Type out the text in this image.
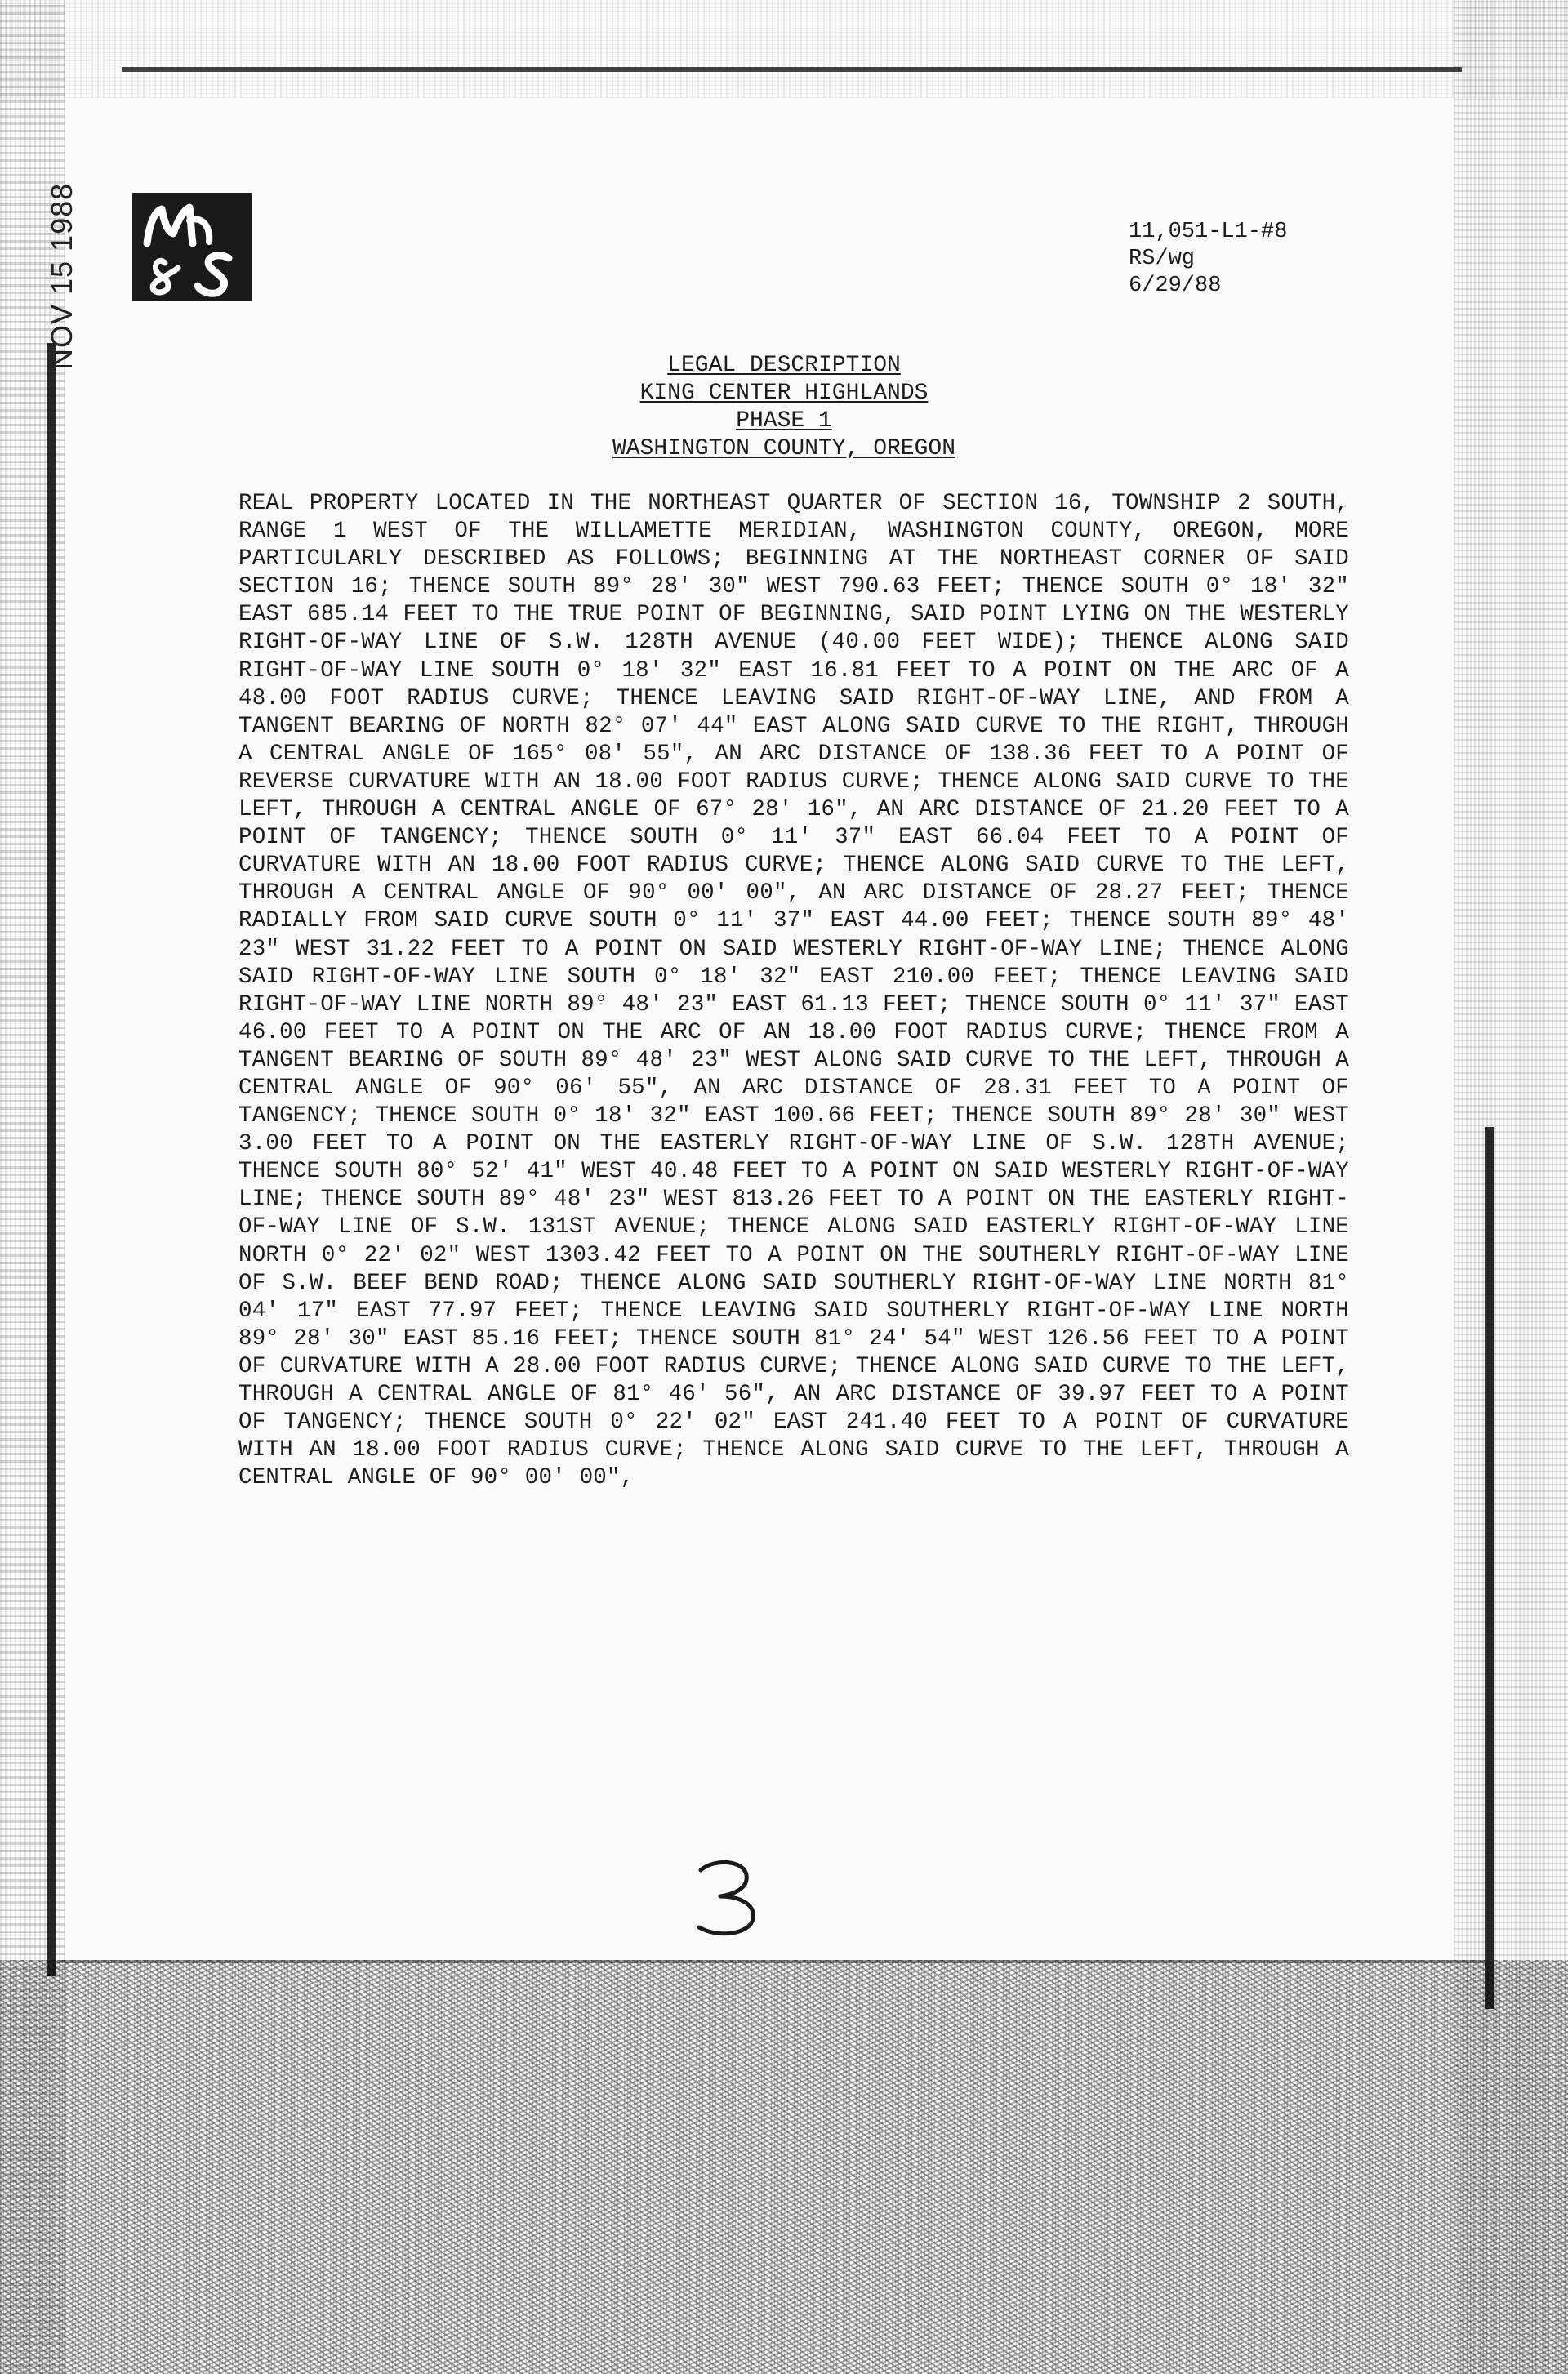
NOV 15 1988	11,051-L1-#8
RS/wg
6/29/88
LEGAL DESCRIPTION
KING CENTER HIGHLANDS
PHASE 1
WASHINGTON COUNTY, OREGON
REAL PROPERTY LOCATED IN THE NORTHEAST QUARTER OF SECTION 16, TOWNSHIP 2 SOUTH, RANGE 1 WEST OF THE WILLAMETTE MERIDIAN, WASHINGTON COUNTY, OREGON, MORE PARTICULARLY DESCRIBED AS FOLLOWS; BEGINNING AT THE NORTHEAST CORNER OF SAID SECTION 16; THENCE SOUTH 89° 28' 30" WEST 790.63 FEET; THENCE SOUTH 0° 18' 32" EAST 685.14 FEET TO THE TRUE POINT OF BEGINNING, SAID POINT LYING ON THE WESTERLY RIGHT-OF-WAY LINE OF S.W. 128TH AVENUE (40.00 FEET WIDE); THENCE ALONG SAID RIGHT-OF-WAY LINE SOUTH 0° 18' 32" EAST 16.81 FEET TO A POINT ON THE ARC OF A 48.00 FOOT RADIUS CURVE; THENCE LEAVING SAID RIGHT-OF-WAY LINE, AND FROM A TANGENT BEARING OF NORTH 82° 07' 44" EAST ALONG SAID CURVE TO THE RIGHT, THROUGH A CENTRAL ANGLE OF 165° 08' 55", AN ARC DISTANCE OF 138.36 FEET TO A POINT OF REVERSE CURVATURE WITH AN 18.00 FOOT RADIUS CURVE; THENCE ALONG SAID CURVE TO THE LEFT, THROUGH A CENTRAL ANGLE OF 67° 28' 16", AN ARC DISTANCE OF 21.20 FEET TO A POINT OF TANGENCY; THENCE SOUTH 0° 11' 37" EAST 66.04 FEET TO A POINT OF CURVATURE WITH AN 18.00 FOOT RADIUS CURVE; THENCE ALONG SAID CURVE TO THE LEFT, THROUGH A CENTRAL ANGLE OF 90° 00' 00", AN ARC DISTANCE OF 28.27 FEET; THENCE RADIALLY FROM SAID CURVE SOUTH 0° 11' 37" EAST 44.00 FEET; THENCE SOUTH 89° 48' 23" WEST 31.22 FEET TO A POINT ON SAID WESTERLY RIGHT-OF-WAY LINE; THENCE ALONG SAID RIGHT-OF-WAY LINE SOUTH 0° 18' 32" EAST 210.00 FEET; THENCE LEAVING SAID RIGHT-OF-WAY LINE NORTH 89° 48' 23" EAST 61.13 FEET; THENCE SOUTH 0° 11' 37" EAST 46.00 FEET TO A POINT ON THE ARC OF AN 18.00 FOOT RADIUS CURVE; THENCE FROM A TANGENT BEARING OF SOUTH 89° 48' 23" WEST ALONG SAID CURVE TO THE LEFT, THROUGH A CENTRAL ANGLE OF 90° 06' 55", AN ARC DISTANCE OF 28.31 FEET TO A POINT OF TANGENCY; THENCE SOUTH 0° 18' 32" EAST 100.66 FEET; THENCE SOUTH 89° 28' 30" WEST 3.00 FEET TO A POINT ON THE EASTERLY RIGHT-OF-WAY LINE OF S.W. 128TH AVENUE; THENCE SOUTH 80° 52' 41" WEST 40.48 FEET TO A POINT ON SAID WESTERLY RIGHT-OF-WAY LINE; THENCE SOUTH 89° 48' 23" WEST 813.26 FEET TO A POINT ON THE EASTERLY RIGHT-OF-WAY LINE OF S.W. 131ST AVENUE; THENCE ALONG SAID EASTERLY RIGHT-OF-WAY LINE NORTH 0° 22' 02" WEST 1303.42 FEET TO A POINT ON THE SOUTHERLY RIGHT-OF-WAY LINE OF S.W. BEEF BEND ROAD; THENCE ALONG SAID SOUTHERLY RIGHT-OF-WAY LINE NORTH 81° 04' 17" EAST 77.97 FEET; THENCE LEAVING SAID SOUTHERLY RIGHT-OF-WAY LINE NORTH 89° 28' 30" EAST 85.16 FEET; THENCE SOUTH 81° 24' 54" WEST 126.56 FEET TO A POINT OF CURVATURE WITH A 28.00 FOOT RADIUS CURVE; THENCE ALONG SAID CURVE TO THE LEFT, THROUGH A CENTRAL ANGLE OF 81° 46' 56", AN ARC DISTANCE OF 39.97 FEET TO A POINT OF TANGENCY; THENCE SOUTH 0° 22' 02" EAST 241.40 FEET TO A POINT OF CURVATURE WITH AN 18.00 FOOT RADIUS CURVE; THENCE ALONG SAID CURVE TO THE LEFT, THROUGH A CENTRAL ANGLE OF 90° 00' 00",
3
